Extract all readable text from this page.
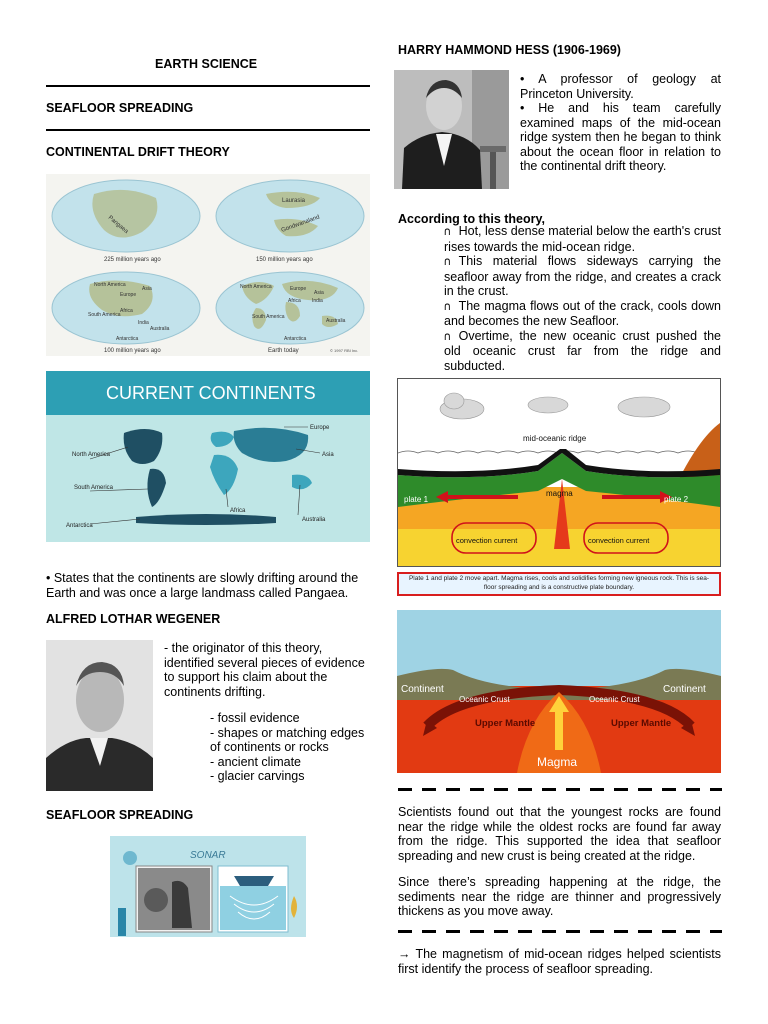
EARTH SCIENCE
SEAFLOOR SPREADING
CONTINENTAL DRIFT THEORY
Pangaea
Laurasia
Gondwanaland
225 million years ago	150 million years ago
North America
Asia
Europe
Africa
South America
India
Australia
Antarctica
North America	Europe
Asia
Africa India
South America
Australia
Antarctica
100 million years ago	Earth today	© 1997 RBI Inc.
CURRENT CONTINENTS
Europe
Asia
North America
South America
Africa
Australia
Antarctica
• States that the continents are slowly drifting around the Earth and was once a large landmass called Pangaea.
ALFRED LOTHAR WEGENER
- the originator of this theory, identified several pieces of evidence to support his claim about the continents drifting.
- fossil evidence
- shapes or matching edges of continents or rocks
- ancient climate
- glacier carvings
SEAFLOOR SPREADING
SONAR
HARRY HAMMOND HESS (1906-1969)
• A professor of geology at Princeton University.
• He and his team carefully examined maps of the mid-ocean ridge system then he began to think about the ocean floor in relation to the continental drift theory.
According to this theory,
ᑎ Hot, less dense material below the earth's crust rises towards the mid-ocean ridge.
ᑎ This material flows sideways carrying the seafloor away from the ridge, and creates a crack in the crust.
ᑎ The magma flows out of the crack, cools down and becomes the new Seafloor.
ᑎ Overtime, the new oceanic crust pushed the old oceanic crust far from the ridge and subducted.
mid-oceanic ridge
magma
plate 1	plate 2
convection current	convection current
Plate 1 and plate 2 move apart. Magma rises, cools and solidifies forming new igneous rock. This is sea-floor spreading and is a constructive plate boundary.
Continent	Continent
Oceanic Crust	Oceanic Crust
Upper Mantle	Upper Mantle
Magma
Scientists found out that the youngest rocks are found near the ridge while the oldest rocks are found far away from the ridge. This supported the idea that seafloor spreading and new crust is being created at the ridge.
Since there’s spreading happening at the ridge, the sediments near the ridge are thinner and progressively thickens as you move away.
→ The magnetism of mid-ocean ridges helped scientists first identify the process of seafloor spreading.
